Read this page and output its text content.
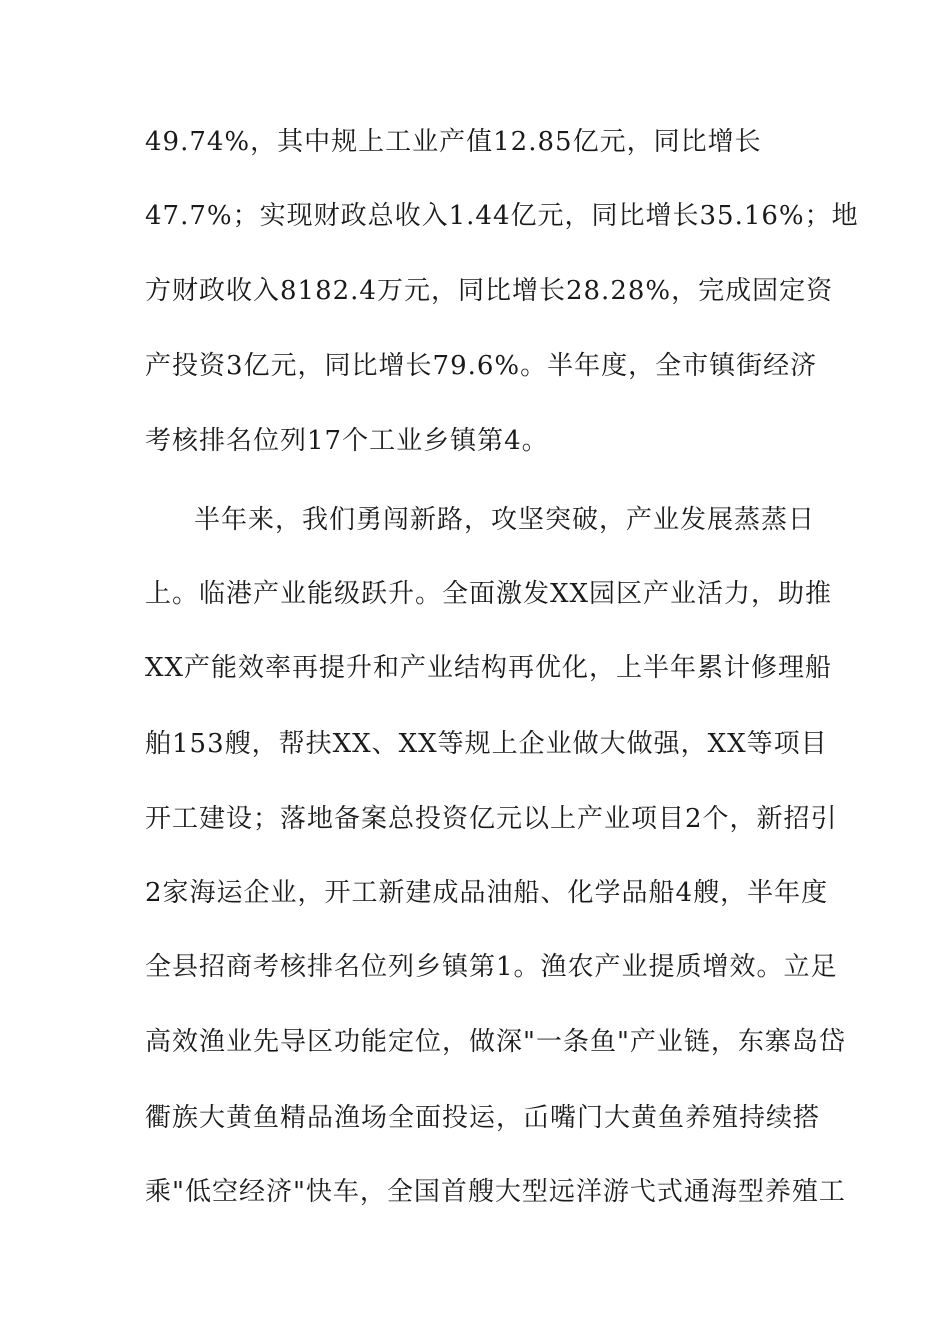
49.74%，其中规上工业产值12.85亿元，同比增长
47.7%；实现财政总收入1.44亿元，同比增长35.16%；地
方财政收入8182.4万元，同比增长28.28%，完成固定资
产投资3亿元，同比增长79.6%。半年度，全市镇街经济
考核排名位列17个工业乡镇第4。
半年来，我们勇闯新路，攻坚突破，产业发展蒸蒸日
上。临港产业能级跃升。全面激发XX园区产业活力，助推
XX产能效率再提升和产业结构再优化，上半年累计修理船
舶153艘，帮扶XX、XX等规上企业做大做强，XX等项目
开工建设；落地备案总投资亿元以上产业项目2个，新招引
2家海运企业，开工新建成品油船、化学品船4艘，半年度
全县招商考核排名位列乡镇第1。渔农产业提质增效。立足
高效渔业先导区功能定位，做深"一条鱼"产业链，东寨岛岱
衢族大黄鱼精品渔场全面投运，屲嘴门大黄鱼养殖持续搭
乘"低空经济"快车，全国首艘大型远洋游弋式通海型养殖工
